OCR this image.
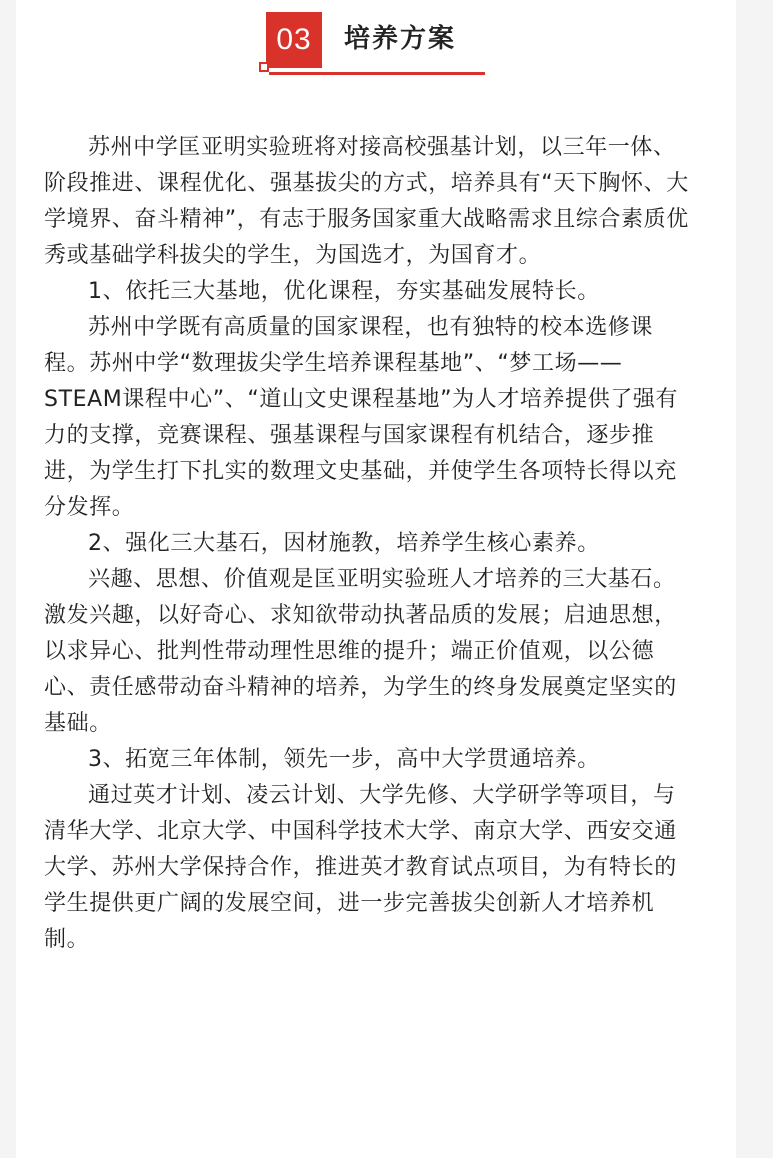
03	培养方案

苏州中学匡亚明实验班将对接高校强基计划，以三年一体、阶段推进、课程优化、强基拔尖的方式，培养具有“天下胸怀、大学境界、奋斗精神”，有志于服务国家重大战略需求且综合素质优秀或基础学科拔尖的学生，为国选才，为国育才。

1、依托三大基地，优化课程，夯实基础发展特长。

苏州中学既有高质量的国家课程，也有独特的校本选修课程。苏州中学“数理拔尖学生培养课程基地”、“梦工场——STEAM课程中心”、“道山文史课程基地”为人才培养提供了强有力的支撑，竞赛课程、强基课程与国家课程有机结合，逐步推进，为学生打下扎实的数理文史基础，并使学生各项特长得以充分发挥。

2、强化三大基石，因材施教，培养学生核心素养。

兴趣、思想、价值观是匡亚明实验班人才培养的三大基石。激发兴趣，以好奇心、求知欲带动执著品质的发展；启迪思想，以求异心、批判性带动理性思维的提升；端正价值观，以公德心、责任感带动奋斗精神的培养，为学生的终身发展奠定坚实的基础。

3、拓宽三年体制，领先一步，高中大学贯通培养。

通过英才计划、凌云计划、大学先修、大学研学等项目，与清华大学、北京大学、中国科学技术大学、南京大学、西安交通大学、苏州大学保持合作，推进英才教育试点项目，为有特长的学生提供更广阔的发展空间，进一步完善拔尖创新人才培养机制。
